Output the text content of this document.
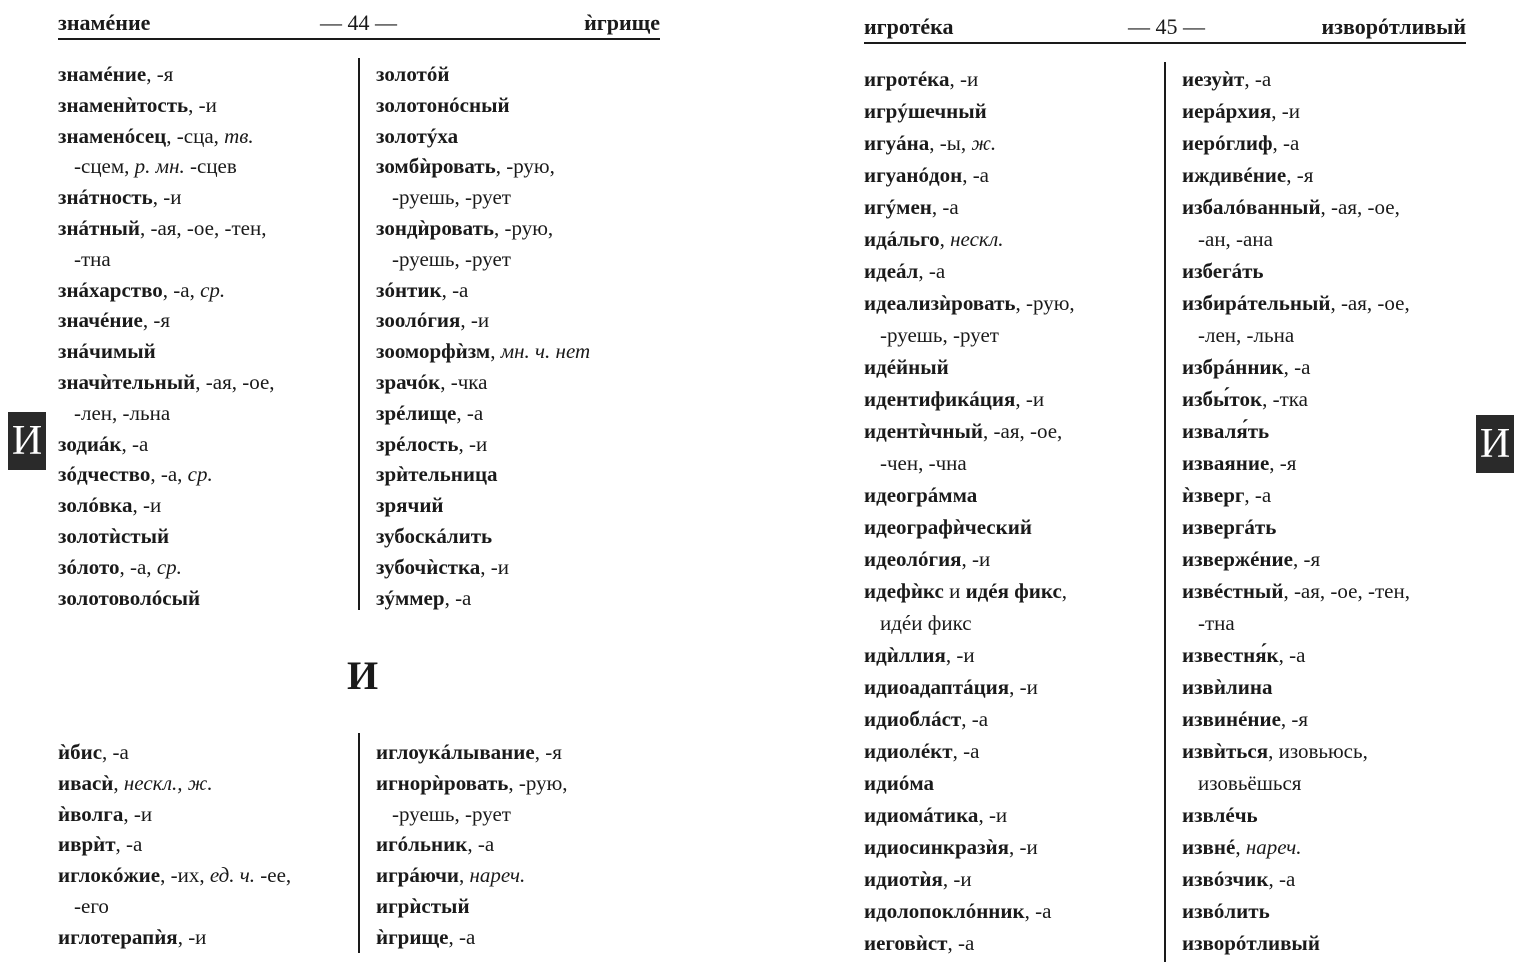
знамéние	— 44 —	ѝгрище
знамéние, -я
знаменѝтость, -и
знаменóсец, -сца, тв.
-сцем, р. мн. -сцев
знáтность, -и
знáтный, -ая, -ое, -тен,
-тна
знáхарство, -а, ср.
значéние, -я
знáчимый
значѝтельный, -ая, -ое,
-лен, -льна
зодиáк, -а
зóдчество, -а, ср.
золóвка, -и
золотѝстый
зóлото, -а, ср.
золотоволóсый
золотóй
золотонóсный
золотýха
зомбѝровать, -рую,
-руешь, -рует
зондѝровать, -рую,
-руешь, -рует
зóнтик, -а
зоолóгия, -и
зооморфѝзм, мн. ч. нет
зрачóк, -чка
зрéлище, -а
зрéлость, -и
зрѝтельница
зрячий
зубоскáлить
зубочѝстка, -и
зýммер, -а
И
ѝбис, -а
ивасѝ, нескл., ж.
ѝволга, -и
иврѝт, -а
иглокóжие, -их, ед. ч. -ее,
-его
иглотерапѝя, -и
иглоукáлывание, -я
игнорѝровать, -рую,
-руешь, -рует
игóльник, -а
игрáючи, нареч.
игрѝстый
ѝгрище, -а
И
игротéка	— 45 —	изворóтливый
игротéка, -и
игрýшечный
игуáна, -ы, ж.
игуанóдон, -а
игýмен, -а
идáльго, нескл.
идеáл, -а
идеализѝровать, -рую,
-руешь, -рует
идéйный
идентификáция, -и
идентѝчный, -ая, -ое,
-чен, -чна
идеогрáмма
идеографѝческий
идеолóгия, -и
идефѝкс и идéя фикс,
идéи фикс
идѝллия, -и
идиоадаптáция, -и
идиоблáст, -а
идиолéкт, -а
идиóма
идиомáтика, -и
идиосинкразѝя, -и
идиотѝя, -и
идолопоклóнник, -а
иеговѝст, -а
иезуѝт, -а
иерáрхия, -и
иерóглиф, -а
иждивéние, -я
избалóванный, -ая, -ое,
-ан, -ана
избегáть
избирáтельный, -ая, -ое,
-лен, -льна
избрáнник, -а
избы́ток, -тка
изваля́ть
изваяние, -я
ѝзверг, -а
извергáть
извержéние, -я
извéстный, -ая, -ое, -тен,
-тна
известня́к, -а
извѝлина
извинéние, -я
извѝться, изовьюсь,
изовьёшься
извлéчь
извнé, нареч.
извóзчик, -а
извóлить
изворóтливый
И
